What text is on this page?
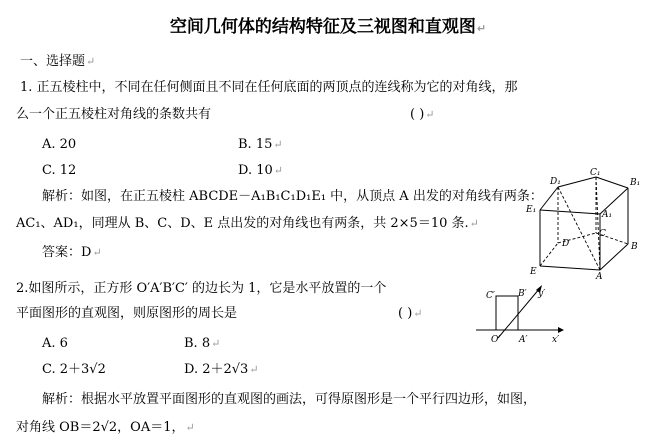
空间几何体的结构特征及三视图和直观图↵
一、选择题↵
1. 正五棱柱中，不同在任何侧面且不同在任何底面的两顶点的连线称为它的对角线，那
么一个正五棱柱对角线的条数共有	( )↵
A. 20	B. 15↵
C. 12	D. 10↵
解析：如图，在正五棱柱 ABCDE－A₁B₁C₁D₁E₁ 中，从顶点 A 出发的对角线有两条：
AC₁、AD₁，同理从 B、C、D、E 点出发的对角线也有两条，共 2×5＝10 条.↵
答案：D↵
D₁
C₁
B₁
E₁	A₁
D
C
B
E	A
2.如图所示，正方形 O′A′B′C′ 的边长为 1，它是水平放置的一个
平面图形的直观图，则原图形的周长是	( )↵
A. 6	B. 8↵
C. 2＋3√2	D. 2＋2√3↵
解析：根据水平放置平面图形的直观图的画法，可得原图形是一个平行四边形，如图，
对角线 OB＝2√2，OA＝1，↵
C′	B′ y′
O′ A′	x′
